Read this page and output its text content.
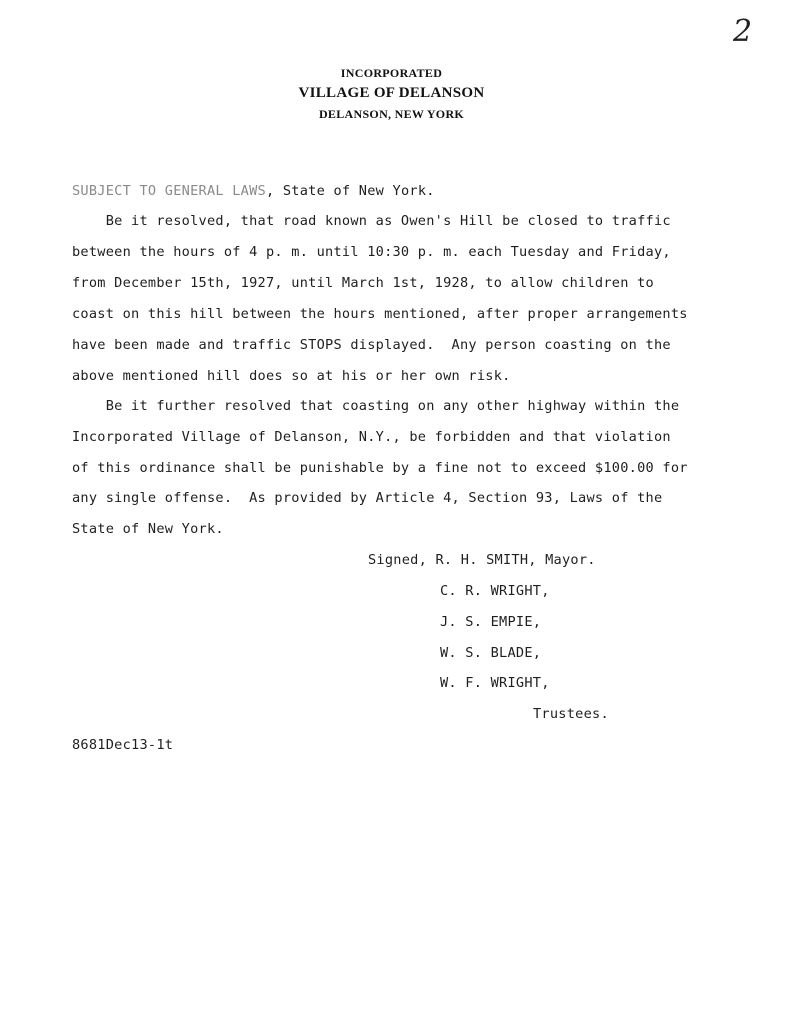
2
INCORPORATED
VILLAGE OF DELANSON
DELANSON, NEW YORK
SUBJECT TO GENERAL LAWS, State of New York.
Be it resolved, that road known as Owen's Hill be closed to traffic
between the hours of 4 p. m. until 10:30 p. m. each Tuesday and Friday,
from December 15th, 1927, until March 1st, 1928, to allow children to
coast on this hill between the hours mentioned, after proper arrangements
have been made and traffic STOPS displayed.  Any person coasting on the
above mentioned hill does so at his or her own risk.
Be it further resolved that coasting on any other highway within the
Incorporated Village of Delanson, N.Y., be forbidden and that violation
of this ordinance shall be punishable by a fine not to exceed $100.00 for
any single offense.  As provided by Article 4, Section 93, Laws of the
State of New York.
Signed, R. H. SMITH, Mayor.
C. R. WRIGHT,
J. S. EMPIE,
W. S. BLADE,
W. F. WRIGHT,
Trustees.
8681Dec13-1t
